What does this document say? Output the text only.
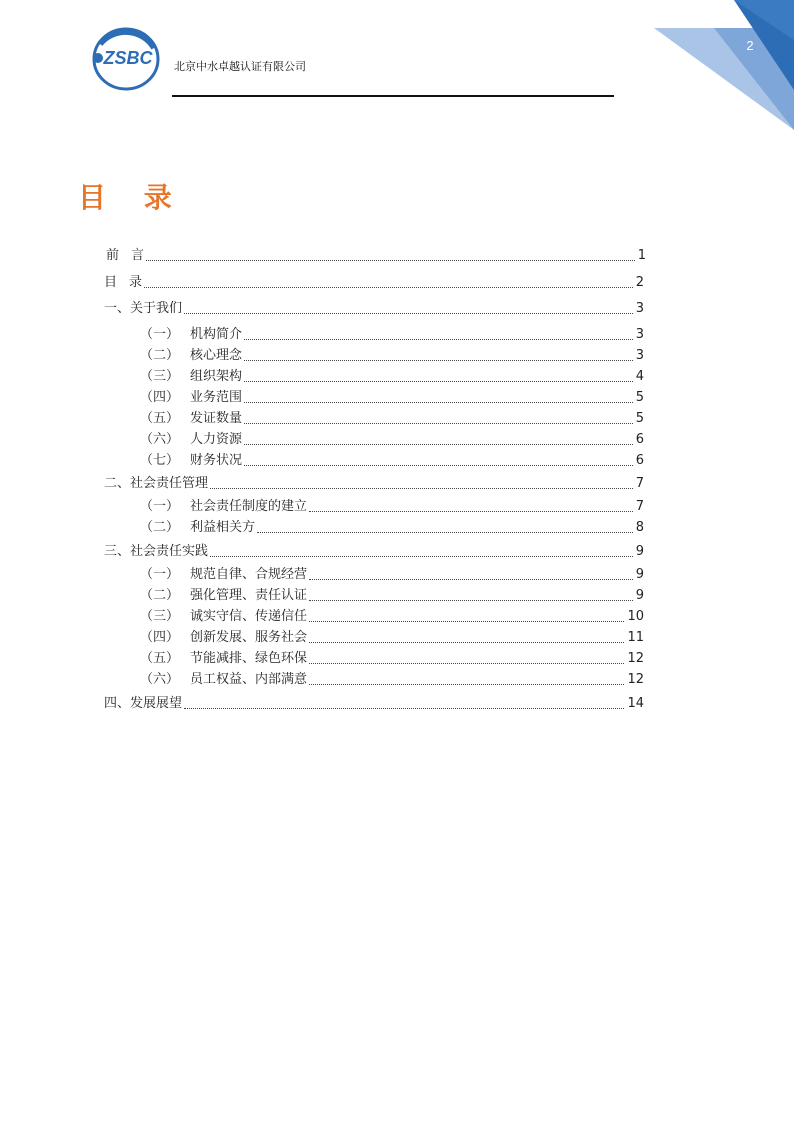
2
ZSBC 北京中水卓越认证有限公司
目 录
前 言	1
目 录	2
一、 关于我们	3
（一） 机构简介	3
（二） 核心理念	3
（三） 组织架构	4
（四） 业务范围	5
（五） 发证数量	5
（六） 人力资源	6
（七） 财务状况	6
二、 社会责任管理	7
（一） 社会责任制度的建立	7
（二） 利益相关方	8
三、 社会责任实践	9
（一） 规范自律、合规经营	9
（二） 强化管理、责任认证	9
（三） 诚实守信、传递信任	10
（四） 创新发展、服务社会	11
（五） 节能减排、绿色环保	12
（六） 员工权益、内部满意	12
四、 发展展望	14
